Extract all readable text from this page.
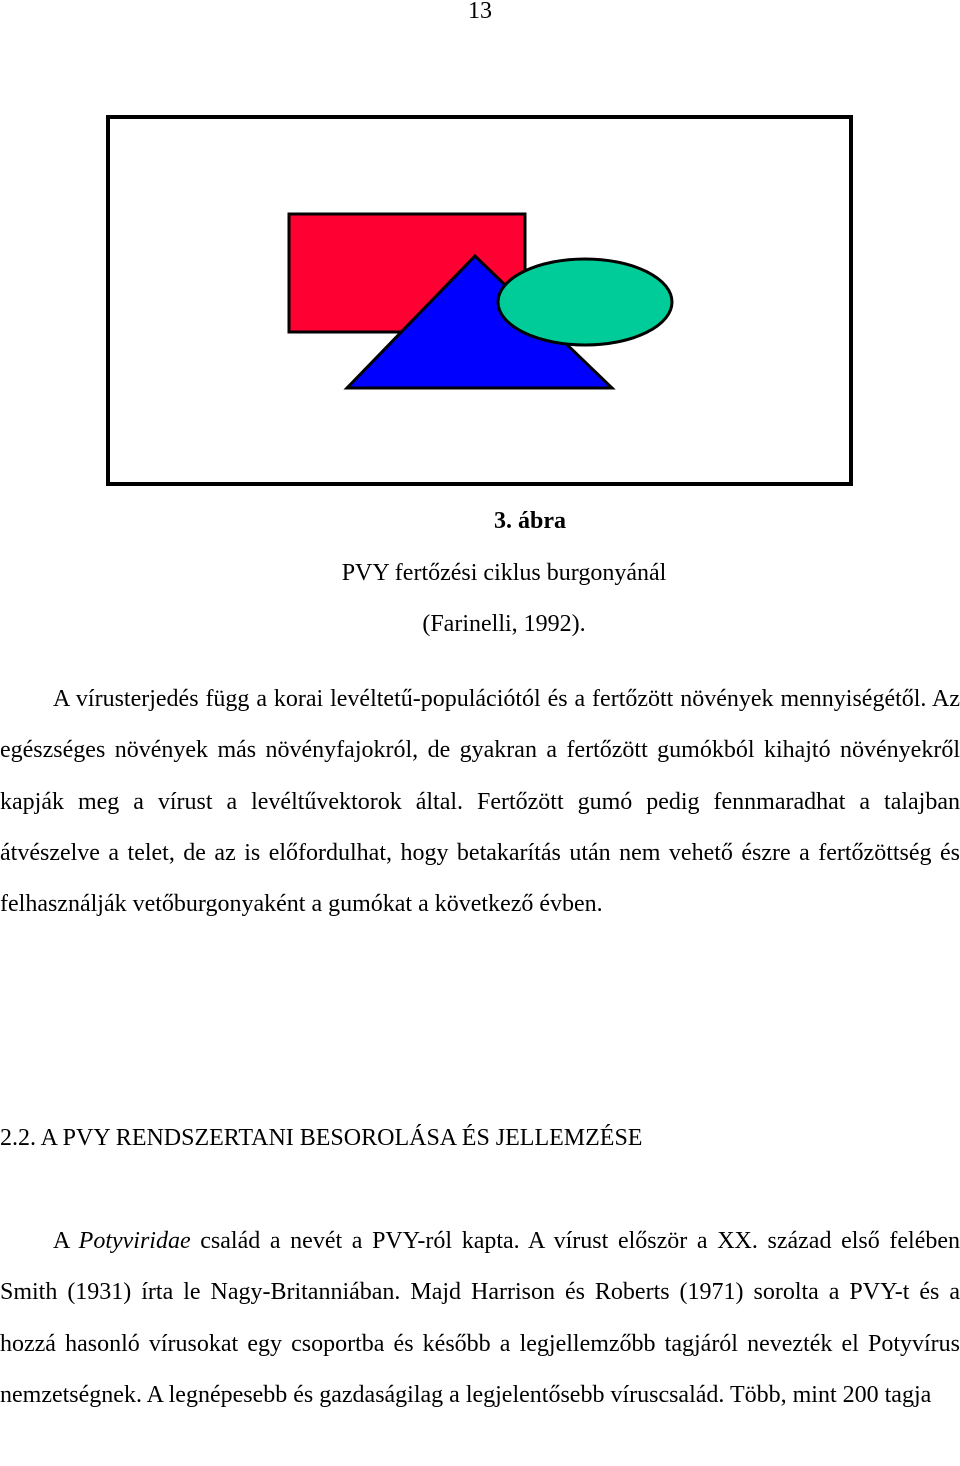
13
3. ábra
PVY fertőzési ciklus burgonyánál
(Farinelli, 1992).

A vírusterjedés függ a korai levéltetű-populációtól és a fertőzött növények mennyiségétől. Az egészséges növények más növényfajokról, de gyakran a fertőzött gumókból kihajtó növényekről kapják meg a vírust a levéltűvektorok által. Fertőzött gumó pedig fennmaradhat a talajban átvészelve a telet, de az is előfordulhat, hogy betakarítás után nem vehető észre a fertőzöttség és felhasználják vetőburgonyaként a gumókat a következő évben.

2.2. A PVY RENDSZERTANI BESOROLÁSA ÉS JELLEMZÉSE

A Potyviridae család a nevét a PVY-ról kapta. A vírust először a XX. század első felében Smith (1931) írta le Nagy-Britanniában. Majd Harrison és Roberts (1971) sorolta a PVY-t és a hozzá hasonló vírusokat egy csoportba és később a legjellemzőbb tagjáról nevezték el Potyvírus nemzetségnek. A legnépesebb és gazdaságilag a legjelentősebb víruscsalád. Több, mint 200 tagja
